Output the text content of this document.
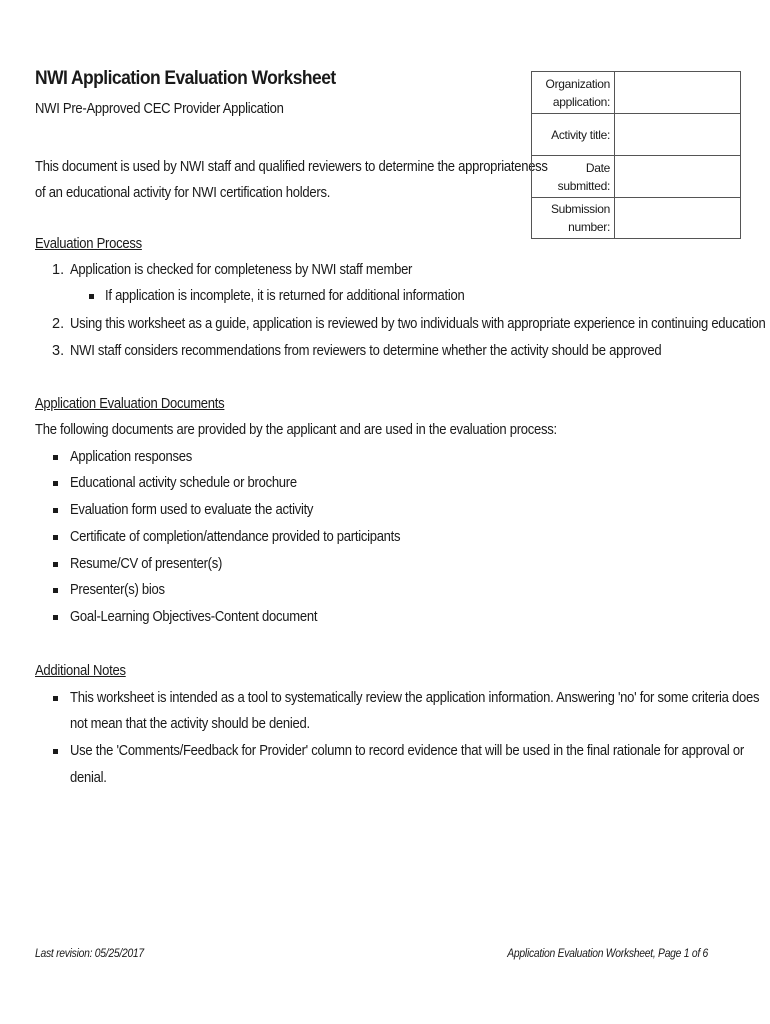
NWI Application Evaluation Worksheet
NWI Pre-Approved CEC Provider Application
This document is used by NWI staff and qualified reviewers to determine the appropriateness
of an educational activity for NWI certification holders.
Organization
application:	

Activity title:	

Date submitted:	

Submission
number:	

Evaluation Process
1. Application is checked for completeness by NWI staff member
If application is incomplete, it is returned for additional information
2. Using this worksheet as a guide, application is reviewed by two individuals with appropriate experience in continuing education
3. NWI staff considers recommendations from reviewers to determine whether the activity should be approved
Application Evaluation Documents
The following documents are provided by the applicant and are used in the evaluation process:
Application responses
Educational activity schedule or brochure
Evaluation form used to evaluate the activity
Certificate of completion/attendance provided to participants
Resume/CV of presenter(s)
Presenter(s) bios
Goal-Learning Objectives-Content document
Additional Notes
This worksheet is intended as a tool to systematically review the application information. Answering 'no' for some criteria does
not mean that the activity should be denied.
Use the 'Comments/Feedback for Provider' column to record evidence that will be used in the final rationale for approval or
denial.
Last revision: 05/25/2017	Application Evaluation Worksheet, Page 1 of 6
